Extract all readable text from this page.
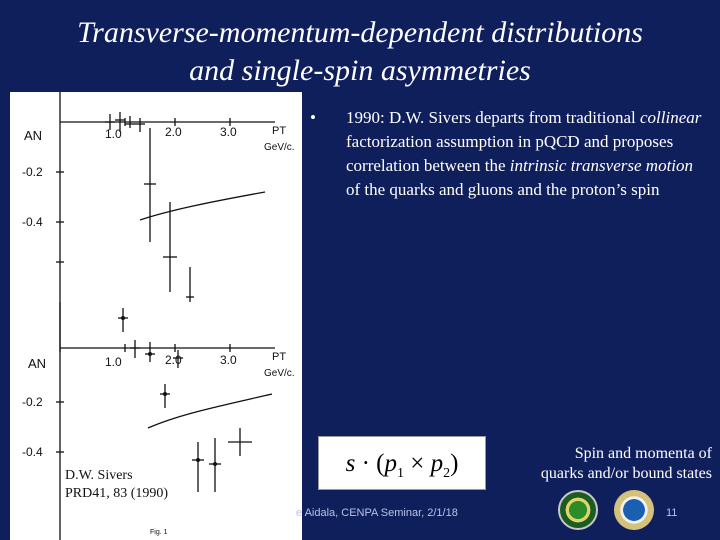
Transverse-momentum-dependent distributions
and single-spin asymmetries
AN	PT
GeV/c.
1.0	2.0	3.0
-0.2
-0.4
AN	PT
GeV/c.
1.0	2.0	3.0
-0.2
-0.4
Fig. 1
D.W. Sivers
PRD41, 83 (1990)
• 1990: D.W. Sivers departs from traditional collinear factorization assumption in pQCD and proposes correlation between the intrinsic transverse motion of the quarks and gluons and the proton’s spin
$s \cdot (p_1 \times p_2)$	Spin and momenta of
quarks and/or bound states
e Aidala, CENPA Seminar, 2/1/18	11
